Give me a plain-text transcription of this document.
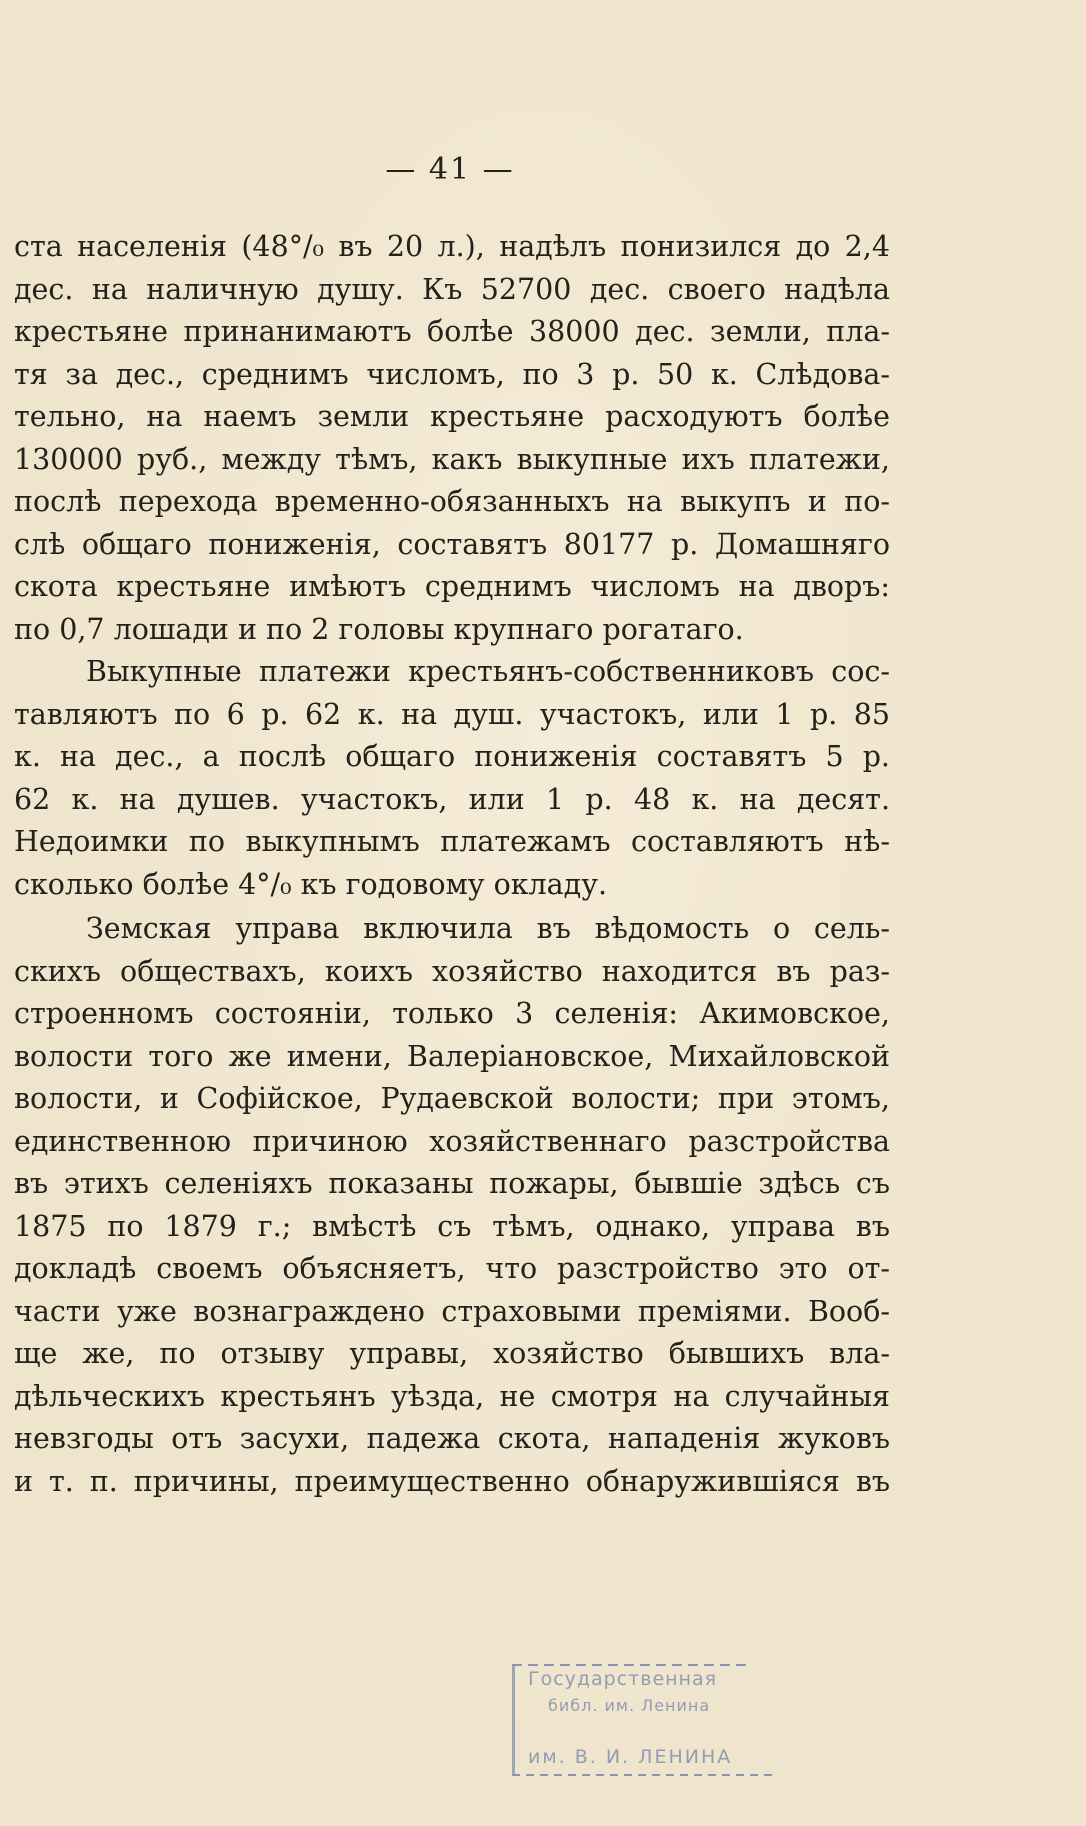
— 41 —
ста населенія (48°/₀ въ 20 л.), надѣлъ понизился до 2,4
дес. на наличную душу. Къ 52700 дес. своего надѣла
крестьяне принанимаютъ болѣе 38000 дес. земли, пла-
тя за дес., среднимъ числомъ, по 3 р. 50 к. Слѣдова-
тельно, на наемъ земли крестьяне расходуютъ болѣе
130000 руб., между тѣмъ, какъ выкупные ихъ платежи,
послѣ перехода временно-обязанныхъ на выкупъ и по-
слѣ общаго пониженія, составятъ 80177 р. Домашняго
скота крестьяне имѣютъ среднимъ числомъ на дворъ:
по 0,7 лошади и по 2 головы крупнаго рогатаго.
Выкупные платежи крестьянъ-собственниковъ сос-
тавляютъ по 6 р. 62 к. на душ. участокъ, или 1 р. 85
к. на дес., а послѣ общаго пониженія составятъ 5 р.
62 к. на душев. участокъ, или 1 р. 48 к. на десят.
Недоимки по выкупнымъ платежамъ составляютъ нѣ-
сколько болѣе 4°/₀ къ годовому окладу.
Земская управа включила въ вѣдомость о сель-
скихъ обществахъ, коихъ хозяйство находится въ раз-
строенномъ состояніи, только 3 селенія: Акимовское,
волости того же имени, Валеріановское, Михайловской
волости, и Софійское, Рудаевской волости; при этомъ,
единственною причиною хозяйственнаго разстройства
въ этихъ селеніяхъ показаны пожары, бывшіе здѣсь съ
1875 по 1879 г.; вмѣстѣ съ тѣмъ, однако, управа въ
докладѣ своемъ объясняетъ, что разстройство это от-
части уже вознаграждено страховыми преміями. Вооб-
ще же, по отзыву управы, хозяйство бывшихъ вла-
дѣльческихъ крестьянъ уѣзда, не смотря на случайныя
невзгоды отъ засухи, падежа скота, нападенія жуковъ
и т. п. причины, преимущественно обнаружившіяся въ
Государственная
библ. им. Ленина
им. В. И. ЛЕНИНА
